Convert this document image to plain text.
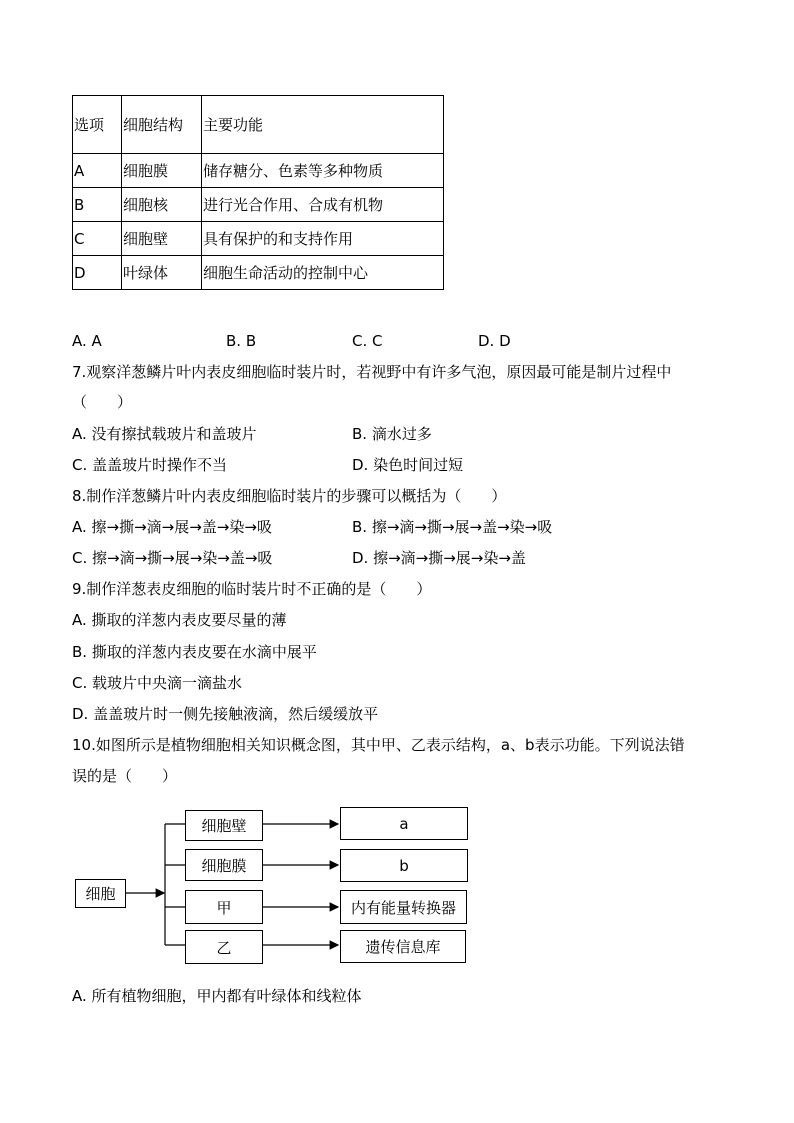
选项	细胞结构	主要功能
A	细胞膜	储存糖分、色素等多种物质
B	细胞核	进行光合作用、合成有机物
C	细胞壁	具有保护的和支持作用
D	叶绿体	细胞生命活动的控制中心
A. A	B. B	C. C	D. D
7.观察洋葱鳞片叶内表皮细胞临时装片时，若视野中有许多气泡，原因最可能是制片过程中
（　　）
A. 没有擦拭载玻片和盖玻片	B. 滴水过多
C. 盖盖玻片时操作不当	D. 染色时间过短
8.制作洋葱鳞片叶内表皮细胞临时装片的步骤可以概括为（　　）
A. 擦→撕→滴→展→盖→染→吸	B. 擦→滴→撕→展→盖→染→吸
C. 擦→滴→撕→展→染→盖→吸	D. 擦→滴→撕→展→染→盖
9.制作洋葱表皮细胞的临时装片时不正确的是（　　）
A. 撕取的洋葱内表皮要尽量的薄
B. 撕取的洋葱内表皮要在水滴中展平
C. 载玻片中央滴一滴盐水
D. 盖盖玻片时一侧先接触液滴，然后缓缓放平
10.如图所示是植物细胞相关知识概念图，其中甲、乙表示结构，a、b表示功能。下列说法错
误的是（　　）
细胞
细胞壁
细胞膜
甲
乙
a
b
内有能量转换器
遗传信息库
A. 所有植物细胞，甲内都有叶绿体和线粒体
